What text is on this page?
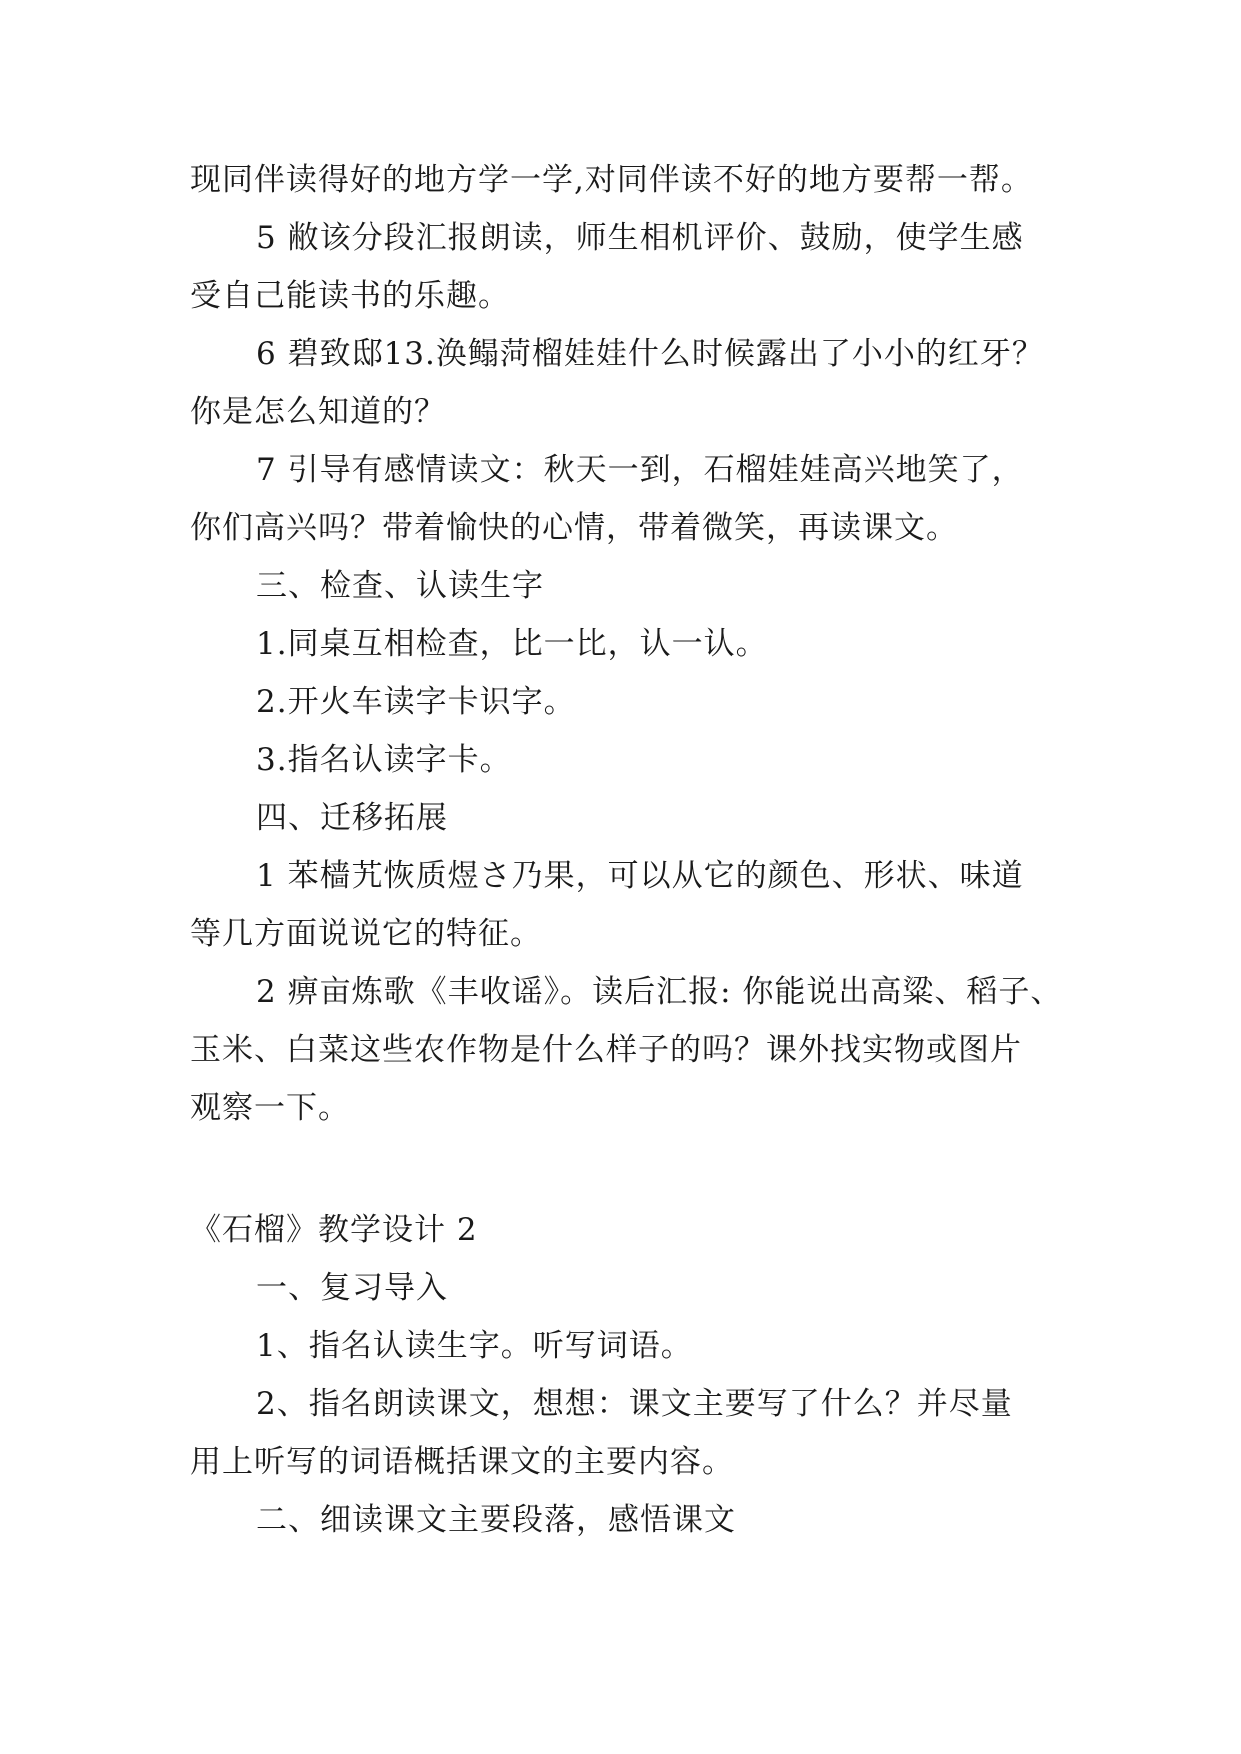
现同伴读得好的地方学一学,对同伴读不好的地方要帮一帮。
5 敝该分段汇报朗读，师生相机评价、鼓励，使学生感
受自己能读书的乐趣。
6 碧致邸13.涣鳎菏榴娃娃什么时候露出了小小的红牙？
你是怎么知道的？
7 引导有感情读文：秋天一到，石榴娃娃高兴地笑了，
你们高兴吗？带着愉快的心情，带着微笑，再读课文。
三、检查、认读生字
1.同桌互相检查，比一比，认一认。
2.开火车读字卡识字。
3.指名认读字卡。
四、迁移拓展
1 苯樯艽恢质煜さ乃果，可以从它的颜色、形状、味道
等几方面说说它的特征。
2 痹亩炼歌《丰收谣》。读后汇报: 你能说出高粱、稻子、
玉米、白菜这些农作物是什么样子的吗？课外找实物或图片
观察一下。
《石榴》教学设计 2
一、复习导入
1、指名认读生字。听写词语。
2、指名朗读课文，想想：课文主要写了什么？并尽量
用上听写的词语概括课文的主要内容。
二、细读课文主要段落，感悟课文
